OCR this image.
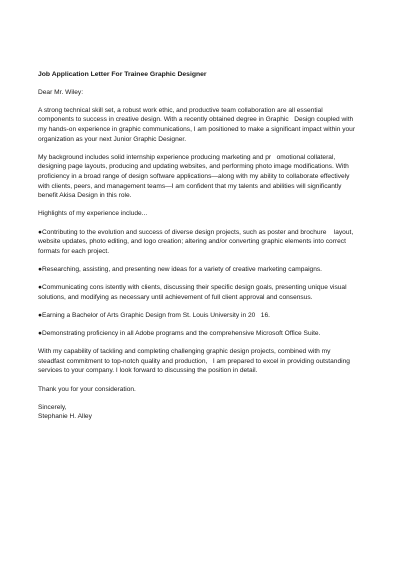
Job Application Letter For Trainee Graphic Designer
Dear Mr. Wiley:
A strong technical skill set, a robust work ethic, and productive team collaboration are all essential
components to success in creative design. With a recently obtained degree in Graphic   Design coupled with
my hands-on experience in graphic communications, I am positioned to make a significant impact within your
organization as your next Junior Graphic Designer.
My background includes solid internship experience producing marketing and pr   omotional collateral,
designing page layouts, producing and updating websites, and performing photo image modifications. With
proficiency in a broad range of design software applications—along with my ability to collaborate effectively
with clients, peers, and management teams—I am confident that my talents and abilities will significantly
benefit Akisa Design in this role.
Highlights of my experience include...
●Contributing to the evolution and success of diverse design projects, such as poster and brochure    layout,
website updates, photo editing, and logo creation; altering and/or converting graphic elements into correct
formats for each project.
●Researching, assisting, and presenting new ideas for a variety of creative marketing campaigns.
●Communicating cons istently with clients, discussing their specific design goals, presenting unique visual
solutions, and modifying as necessary until achievement of full client approval and consensus.
●Earning a Bachelor of Arts Graphic Design from St. Louis University in 20   16.
●Demonstrating proficiency in all Adobe programs and the comprehensive Microsoft Office Suite.
With my capability of tackling and completing challenging graphic design projects, combined with my
steadfast commitment to top-notch quality and production,   I am prepared to excel in providing outstanding
services to your company. I look forward to discussing the position in detail.
Thank you for your consideration.
Sincerely,
Stephanie H. Alley
